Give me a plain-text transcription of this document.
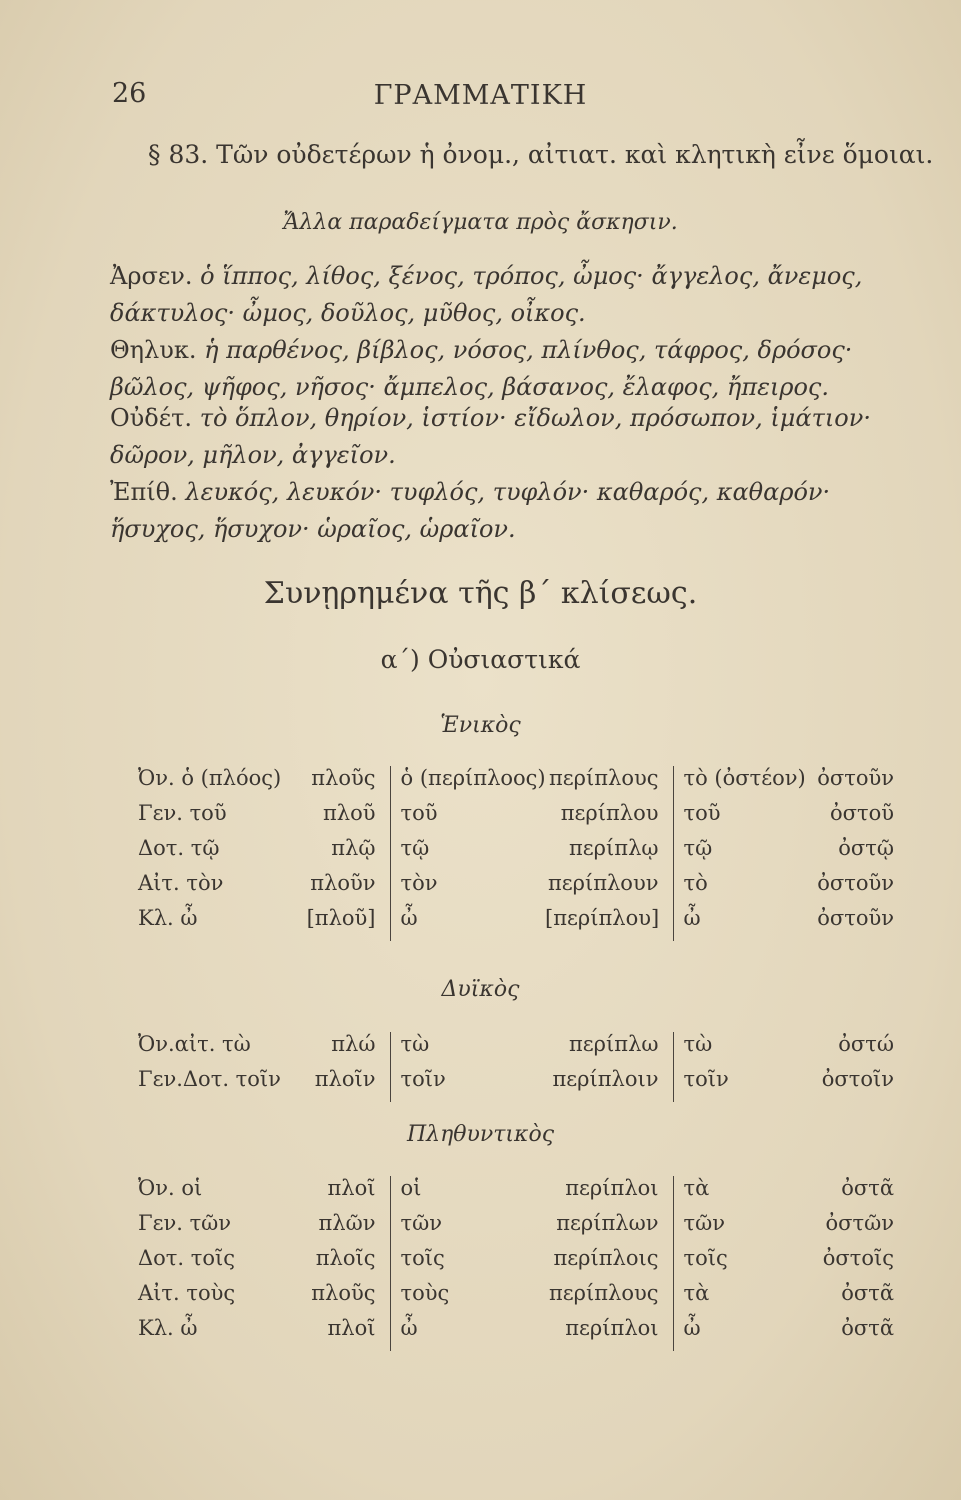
26	ΓΡΑΜΜΑΤΙΚΗ
§ 83. Τῶν οὐδετέρων ἡ ὀνομ., αἰτιατ. καὶ κλητικὴ εἶνε ὅμοιαι.
Ἄλλα παραδείγματα πρὸς ἄσκησιν.
Ἀρσεν. ὁ ἵππος, λίθος, ξένος, τρόπος, ὦμος· ἄγγελος, ἄνεμος, δάκτυλος· ὦμος, δοῦλος, μῦθος, οἶκος.
Θηλυκ. ἡ παρθένος, βίβλος, νόσος, πλίνθος, τάφρος, δρόσος· βῶλος, ψῆφος, νῆσος· ἄμπελος, βάσανος, ἔλαφος, ἤπειρος.
Οὐδέτ. τὸ ὅπλον, θηρίον, ἱστίον· εἴδωλον, πρόσωπον, ἱμάτιον· δῶρον, μῆλον, ἀγγεῖον.
Ἐπίθ. λευκός, λευκόν· τυφλός, τυφλόν· καθαρός, καθαρόν· ἥσυχος, ἥσυχον· ὡραῖος, ὡραῖον.
Συνῃρημένα τῆς β΄ κλίσεως.
α΄) Οὐσιαστικά
Ἑνικὸς
Ὀν. ὁ (πλόος)	πλοῦς	ὁ (περίπλοος)	περίπλους	τὸ (ὀστέον)	ὀστοῦν
Γεν. τοῦ	πλοῦ	τοῦ	περίπλου	τοῦ	ὀστοῦ
Δοτ. τῷ	πλῷ	τῷ	περίπλῳ	τῷ	ὀστῷ
Αἰτ. τὸν	πλοῦν	τὸν	περίπλουν	τὸ	ὀστοῦν
Κλ. ὦ	[πλοῦ]	ὦ	[περίπλου]	ὦ	ὀστοῦν
Δυϊκὸς
Ὀν.αἰτ. τὼ	πλώ	τὼ	περίπλω	τὼ	ὀστώ
Γεν.Δοτ. τοῖν	πλοῖν	τοῖν	περίπλοιν	τοῖν	ὀστοῖν
Πληθυντικὸς
Ὀν. οἱ	πλοῖ	οἱ	περίπλοι	τὰ	ὀστᾶ
Γεν. τῶν	πλῶν	τῶν	περίπλων	τῶν	ὀστῶν
Δοτ. τοῖς	πλοῖς	τοῖς	περίπλοις	τοῖς	ὀστοῖς
Αἰτ. τοὺς	πλοῦς	τοὺς	περίπλους	τὰ	ὀστᾶ
Κλ. ὦ	πλοῖ	ὦ	περίπλοι	ὦ	ὀστᾶ
